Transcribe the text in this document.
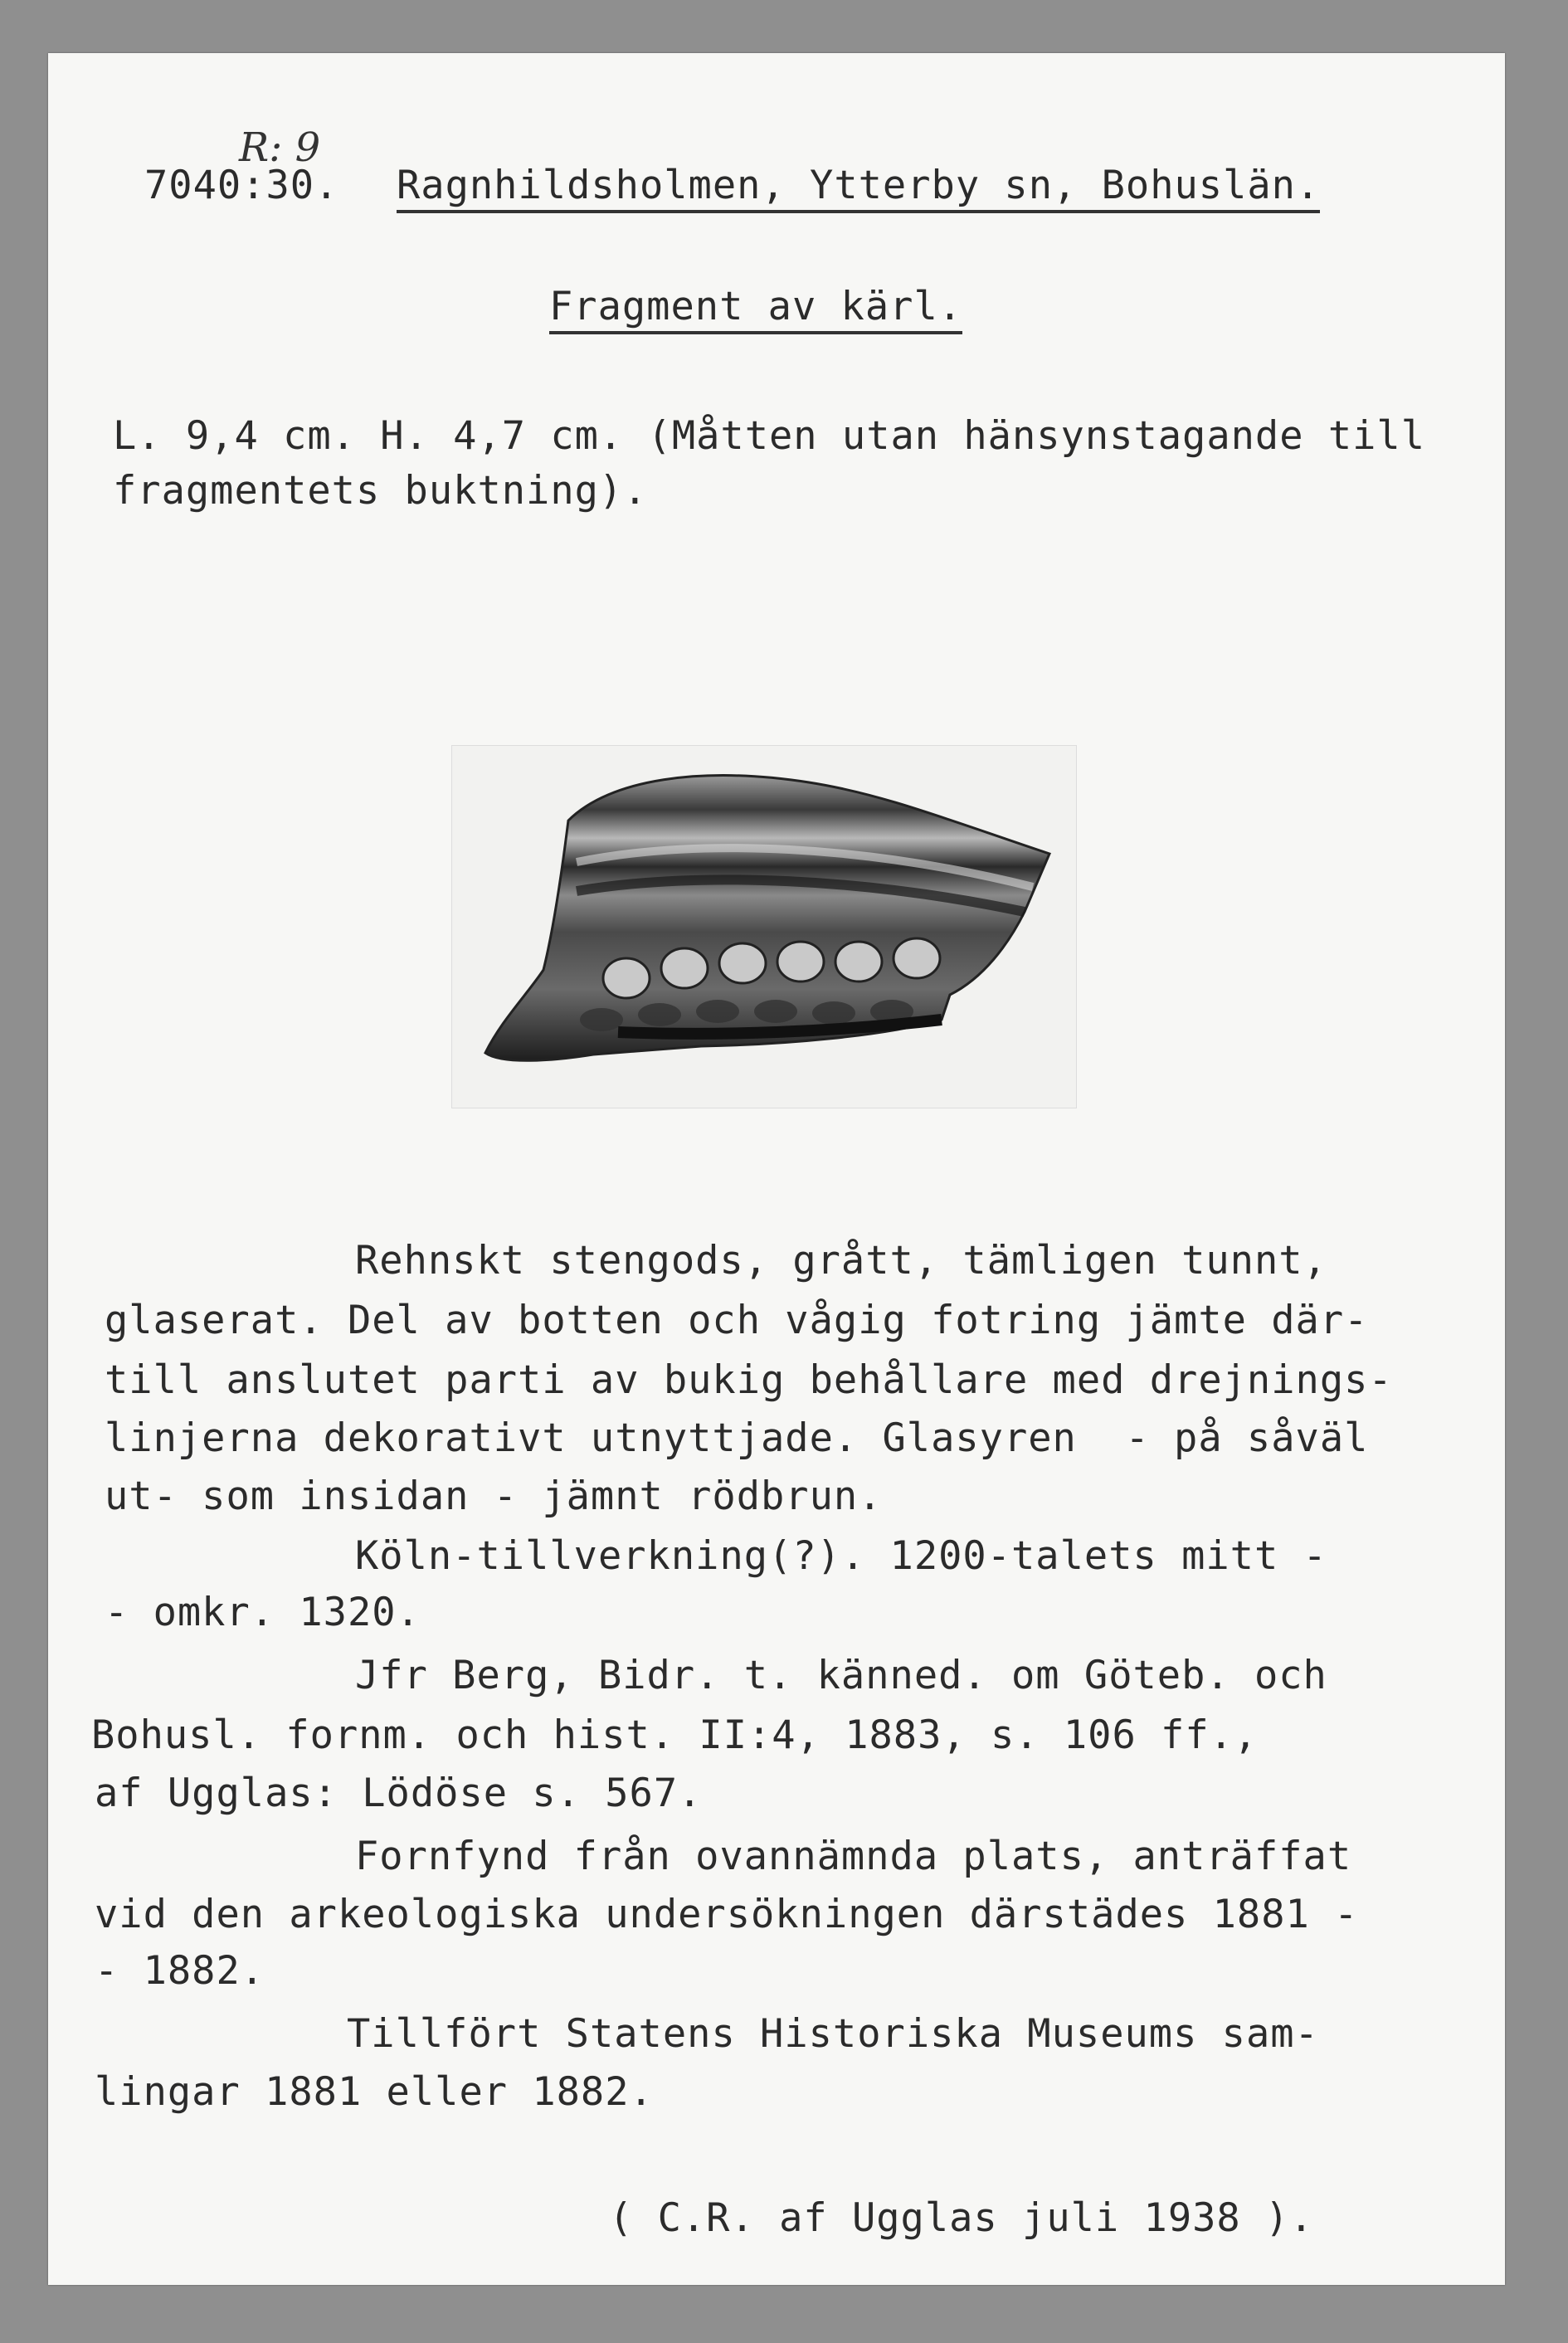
R: 9
7040:30. Ragnhildsholmen, Ytterby sn, Bohuslän.
Fragment av kärl.
L. 9,4 cm. H. 4,7 cm. (Måtten utan hänsynstagande till
fragmentets buktning).
Rehnskt stengods, grått, tämligen tunnt,
glaserat. Del av botten och vågig fotring jämte där-
till anslutet parti av bukig behållare med drejnings-
linjerna dekorativt utnyttjade. Glasyren  - på såväl
ut- som insidan - jämnt rödbrun.
Köln-tillverkning(?). 1200-talets mitt -
- omkr. 1320.
Jfr Berg, Bidr. t. känned. om Göteb. och
Bohusl. fornm. och hist. II:4, 1883, s. 106 ff.,
af Ugglas: Lödöse s. 567.
Fornfynd från ovannämnda plats, anträffat
vid den arkeologiska undersökningen därstädes 1881 -
- 1882.
Tillfört Statens Historiska Museums sam-
lingar 1881 eller 1882.
( C.R. af Ugglas juli 1938 ).
